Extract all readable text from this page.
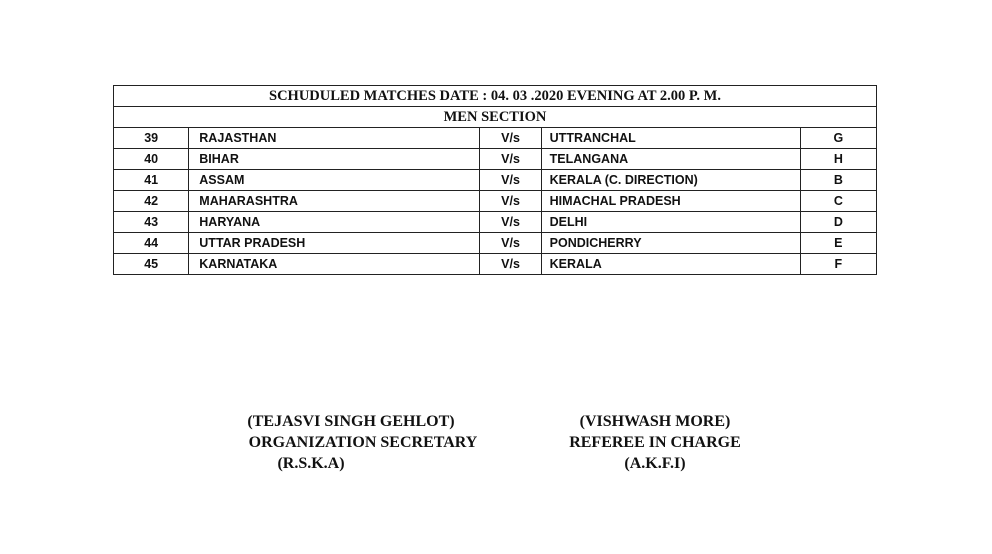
SCHUDULED MATCHES DATE : 04. 03 .2020 EVENING AT 2.00 P. M.				
MEN SECTION				
39	RAJASTHAN	V/s	UTTRANCHAL	G
40	BIHAR	V/s	TELANGANA	H
41	ASSAM	V/s	KERALA (C. DIRECTION)	B
42	MAHARASHTRA	V/s	HIMACHAL PRADESH	C
43	HARYANA	V/s	DELHI	D
44	UTTAR PRADESH	V/s	PONDICHERRY	E
45	KARNATAKA	V/s	KERALA	F
(TEJASVI SINGH GEHLOT)
ORGANIZATION SECRETARY
(R.S.K.A)
(VISHWASH MORE)
REFEREE IN CHARGE
(A.K.F.I)
